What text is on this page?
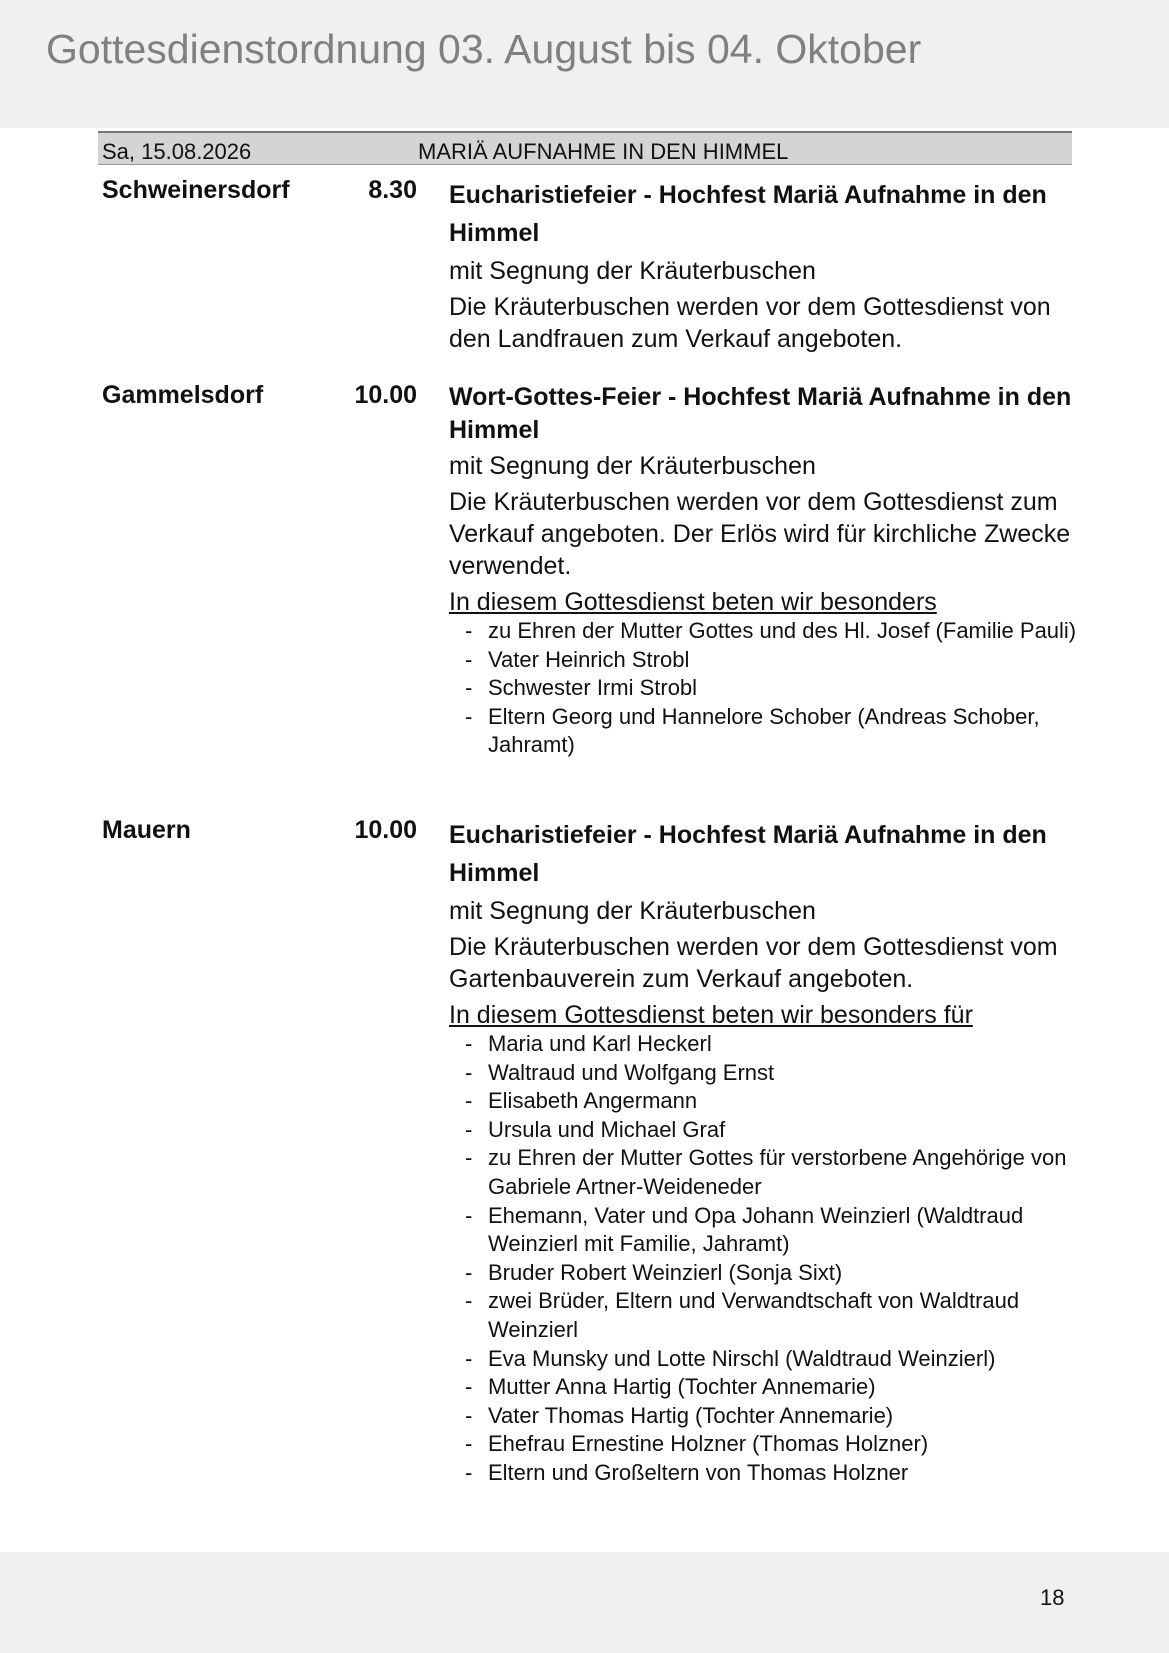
Gottesdienstordnung 03. August bis 04. Oktober
Sa, 15.08.2026	MARIÄ AUFNAHME IN DEN HIMMEL
Schweinersdorf	8.30 Eucharistiefeier - Hochfest Mariä Aufnahme in den Himmel
mit Segnung der Kräuterbuschen
Die Kräuterbuschen werden vor dem Gottesdienst von den Landfrauen zum Verkauf angeboten.
Gammelsdorf	10.00 Wort-Gottes-Feier - Hochfest Mariä Aufnahme in den Himmel
mit Segnung der Kräuterbuschen
Die Kräuterbuschen werden vor dem Gottesdienst zum Verkauf angeboten. Der Erlös wird für kirchliche Zwecke verwendet.
In diesem Gottesdienst beten wir besonders
- zu Ehren der Mutter Gottes und des Hl. Josef (Familie Pauli)
- Vater Heinrich Strobl
- Schwester Irmi Strobl
- Eltern Georg und Hannelore Schober (Andreas Schober, Jahramt)
Mauern	10.00 Eucharistiefeier - Hochfest Mariä Aufnahme in den Himmel
mit Segnung der Kräuterbuschen
Die Kräuterbuschen werden vor dem Gottesdienst vom Gartenbauverein zum Verkauf angeboten.
In diesem Gottesdienst beten wir besonders für
- Maria und Karl Heckerl
- Waltraud und Wolfgang Ernst
- Elisabeth Angermann
- Ursula und Michael Graf
- zu Ehren der Mutter Gottes für verstorbene Angehörige von Gabriele Artner-Weideneder
- Ehemann, Vater und Opa Johann Weinzierl (Waldtraud Weinzierl mit Familie, Jahramt)
- Bruder Robert Weinzierl (Sonja Sixt)
- zwei Brüder, Eltern und Verwandtschaft von Waldtraud Weinzierl
- Eva Munsky und Lotte Nirschl (Waldtraud Weinzierl)
- Mutter Anna Hartig (Tochter Annemarie)
- Vater Thomas Hartig (Tochter Annemarie)
- Ehefrau Ernestine Holzner (Thomas Holzner)
- Eltern und Großeltern von Thomas Holzner
18
